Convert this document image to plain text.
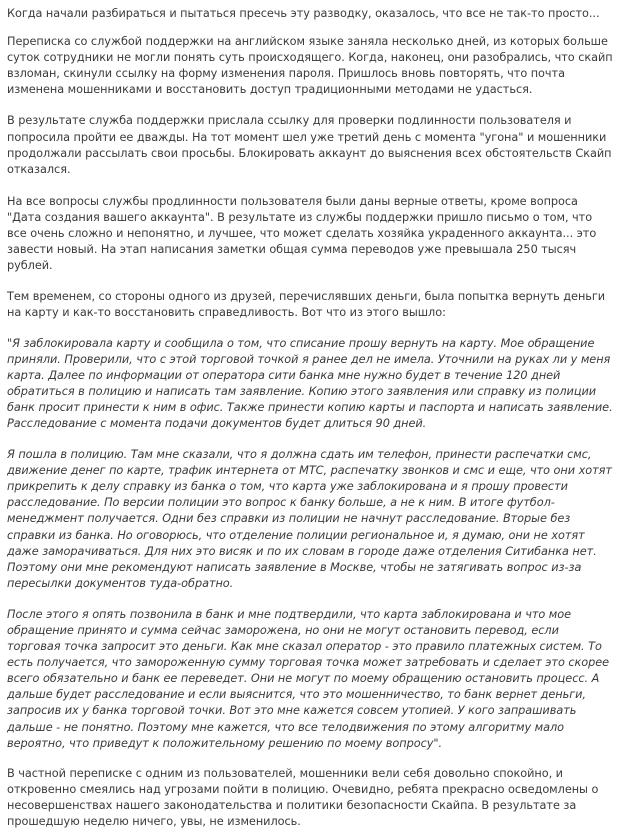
Когда начали разбираться и пытаться пресечь эту разводку, оказалось, что все не так-то просто...

Переписка со службой поддержки на английском языке заняла несколько дней, из которых больше суток сотрудники не могли понять суть происходящего. Когда, наконец, они разобрались, что скайп взломан, скинули ссылку на форму изменения пароля. Пришлось вновь повторять, что почта изменена мошенниками и восстановить доступ традиционными методами не удасться.

В результате служба поддержки прислала ссылку для проверки подлинности пользователя и попросила пройти ее дважды. На тот момент шел уже третий день с момента "угона" и мошенники продолжали рассылать свои просьбы. Блокировать аккаунт до выяснения всех обстоятельств Скайп отказался.

На все вопросы службы продлинности пользователя были даны верные ответы, кроме вопроса "Дата создания вашего аккаунта". В результате из службы поддержки пришло письмо о том, что все очень сложно и непонятно, и лучшее, что может сделать хозяйка украденного аккаунта... это завести новый. На этап написания заметки общая сумма переводов уже превышала 250 тысяч рублей.

Тем временем, со стороны одного из друзей, перечислявших деньги, была попытка вернуть деньги на карту и как-то восстановить справедливость. Вот что из этого вышло:

"Я заблокировала карту и сообщила о том, что списание прошу вернуть на карту. Мое обращение приняли. Проверили, что с этой торговой точкой я ранее дел не имела. Уточнили на руках ли у меня карта. Далее по информации от оператора сити банка мне нужно будет в течение 120 дней обратиться в полицию и написать там заявление. Копию этого заявления или справку из полиции банк просит принести к ним в офис. Также принести копию карты и паспорта и написать заявление. Расследование с момента подачи документов будет длиться 90 дней.

Я пошла в полицию. Там мне сказали, что я должна сдать им телефон, принести распечатки смс, движение денег по карте, трафик интернета от МТС, распечатку звонков и смс и еще, что они хотят прикрепить к делу справку из банка о том, что карта уже заблокирована и я прошу провести расследование. По версии полиции это вопрос к банку больше, а не к ним. В итоге футбол-менеджмент получается. Одни без справки из полиции не начнут расследование. Вторые без справки из банка. Но оговорюсь, что отделение полиции региональное и, я думаю, они не хотят даже заморачиваться. Для них это висяк и по их словам в городе даже отделения Ситибанка нет. Поэтому они мне рекомендуют написать заявление в Москве, чтобы не затягивать вопрос из-за пересылки документов туда-обратно.

После этого я опять позвонила в банк и мне подтвердили, что карта заблокирована и что мое обращение принято и сумма сейчас заморожена, но они не могут остановить перевод, если торговая точка запросит это деньги. Как мне сказал оператор - это правило платежных систем. То есть получается, что замороженную сумму торговая точка может затребовать и сделает это скорее всего обязательно и банк ее переведет. Они не могут по моему обращению остановить процесс. А дальше будет расследование и если выяснится, что это мошенничество, то банк вернет деньги, запросив их у банка торговой точки. Вот это мне кажется совсем утопией. У кого запрашивать дальше - не понятно. Поэтому мне кажется, что все телодвижения по этому алгоритму мало вероятно, что приведут к положительному решению по моему вопросу".

В частной переписке с одним из пользователей, мошенники вели себя довольно спокойно, и откровенно смеялись над угрозами пойти в полицию. Очевидно, ребята прекрасно осведомлены о несовершенствах нашего законодательства и политики безопасности Скайпа. В результате за прошедшую неделю ничего, увы, не изменилось.
